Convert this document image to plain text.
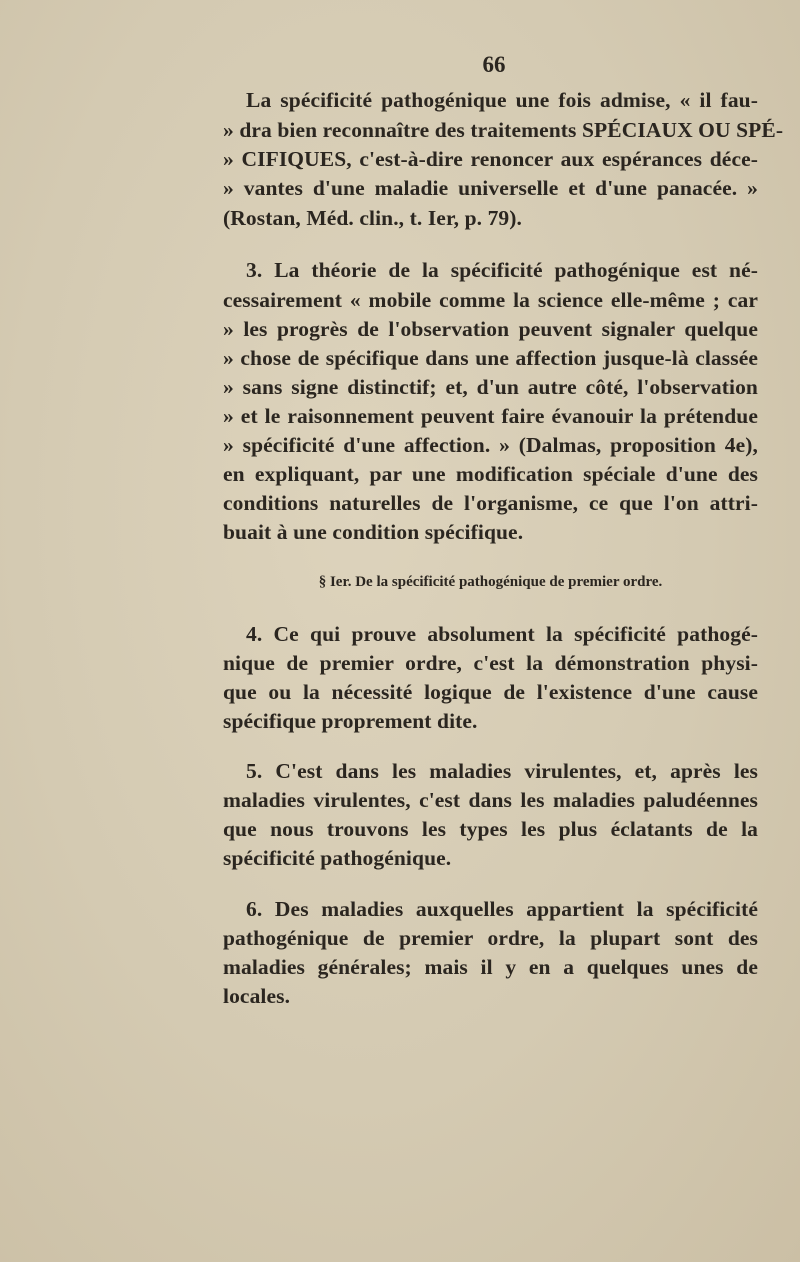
66
La spécificité pathogénique une fois admise, « il fau-
» dra bien reconnaître des traitements SPÉCIAUX OU SPÉ-
» CIFIQUES, c'est-à-dire renoncer aux espérances déce-
» vantes d'une maladie universelle et d'une panacée. »
(Rostan, Méd. clin., t. Ier, p. 79).
3. La théorie de la spécificité pathogénique est né-
cessairement « mobile comme la science elle-même ; car
» les progrès de l'observation peuvent signaler quelque
» chose de spécifique dans une affection jusque-là classée
» sans signe distinctif; et, d'un autre côté, l'observation
» et le raisonnement peuvent faire évanouir la prétendue
» spécificité d'une affection. » (Dalmas, proposition 4e),
en expliquant, par une modification spéciale d'une des
conditions naturelles de l'organisme, ce que l'on attri-
buait à une condition spécifique.
§ Ier. De la spécificité pathogénique de premier ordre.
4. Ce qui prouve absolument la spécificité pathogé-
nique de premier ordre, c'est la démonstration physi-
que ou la nécessité logique de l'existence d'une cause
spécifique proprement dite.
5. C'est dans les maladies virulentes, et, après les
maladies virulentes, c'est dans les maladies paludéennes
que nous trouvons les types les plus éclatants de la
spécificité pathogénique.
6. Des maladies auxquelles appartient la spécificité
pathogénique de premier ordre, la plupart sont des
maladies générales; mais il y en a quelques unes de
locales.
